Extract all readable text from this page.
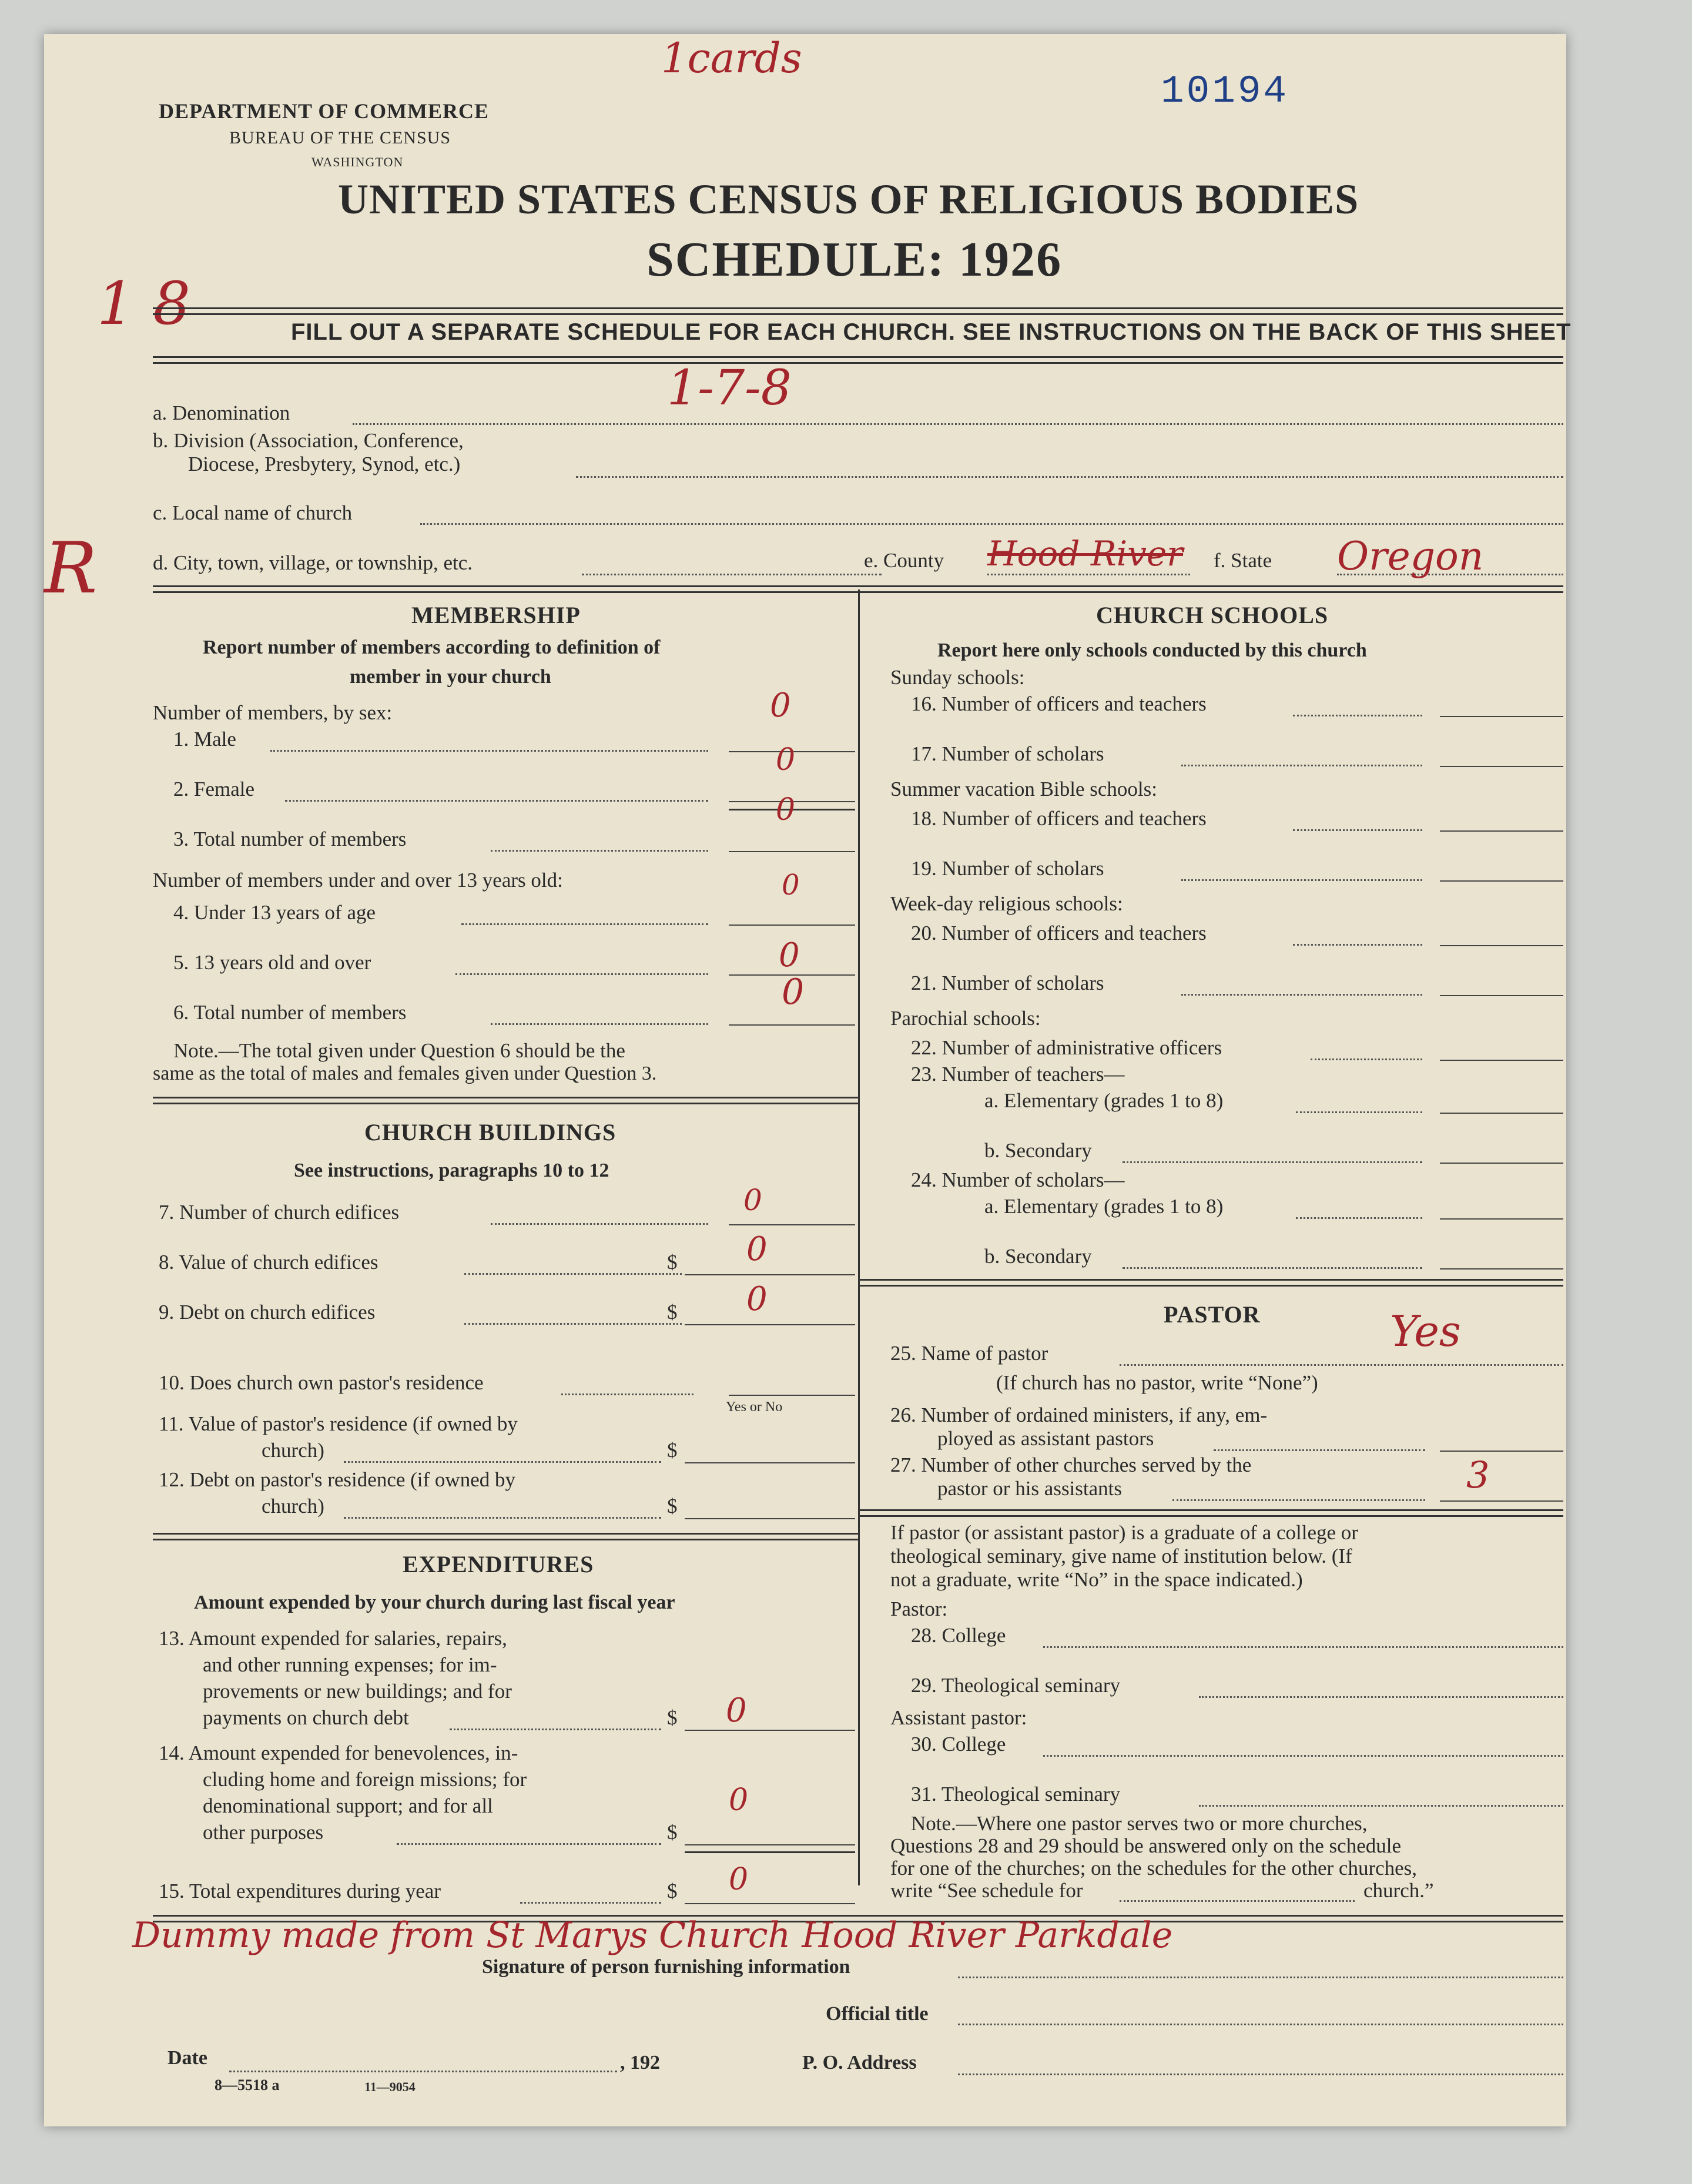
DEPARTMENT OF COMMERCE
BUREAU OF THE CENSUS
WASHINGTON
10194
1cards
UNITED STATES CENSUS OF RELIGIOUS BODIES
SCHEDULE: 1926
1 8	FILL OUT A SEPARATE SCHEDULE FOR EACH CHURCH. SEE INSTRUCTIONS ON THE BACK OF THIS SHEET
1-7-8
a. Denomination
b. Division (Association, Conference,
Diocese, Presbytery, Synod, etc.)
c. Local name of church
R	d. City, town, village, or township, etc.	e. County Hood River f. State Oregon
MEMBERSHIP
Report number of members according to definition of
member in your church
Number of members, by sex:
1. Male
0
2. Female
0
3. Total number of members
0
Number of members under and over 13 years old:
4. Under 13 years of age
0
5. 13 years old and over	0
6. Total number of members	0
Note.—The total given under Question 6 should be the
same as the total of males and females given under Question 3.
CHURCH BUILDINGS
See instructions, paragraphs 10 to 12
7. Number of church edifices	0
8. Value of church edifices	$ 0
9. Debt on church edifices	$ 0
10. Does church own pastor's residence
Yes or No
11. Value of pastor's residence (if owned by
church)	$
12. Debt on pastor's residence (if owned by
church)	$
EXPENDITURES
Amount expended by your church during last fiscal year
13. Amount expended for salaries, repairs,
and other running expenses; for im-
provements or new buildings; and for
payments on church debt	$ 0
14. Amount expended for benevolences, in-
cluding home and foreign missions; for
denominational support; and for all
other purposes	$
0
15. Total expenditures during year	$ 0
CHURCH SCHOOLS
Report here only schools conducted by this church
Sunday schools:
16. Number of officers and teachers
17. Number of scholars
Summer vacation Bible schools:
18. Number of officers and teachers
19. Number of scholars
Week-day religious schools:
20. Number of officers and teachers
21. Number of scholars
Parochial schools:
22. Number of administrative officers
23. Number of teachers—
a. Elementary (grades 1 to 8)
b. Secondary
24. Number of scholars—
a. Elementary (grades 1 to 8)
b. Secondary
PASTOR
25. Name of pastor	Yes
(If church has no pastor, write “None”)
26. Number of ordained ministers, if any, em-
ployed as assistant pastors
27. Number of other churches served by the
pastor or his assistants	3
If pastor (or assistant pastor) is a graduate of a college or
theological seminary, give name of institution below. (If
not a graduate, write “No” in the space indicated.)
Pastor:
28. College
29. Theological seminary
Assistant pastor:
30. College
31. Theological seminary
Note.—Where one pastor serves two or more churches,
Questions 28 and 29 should be answered only on the schedule
for one of the churches; on the schedules for the other churches,
write “See schedule for	church.”
Dummy made from St Marys Church Hood River Parkdale
Signature of person furnishing information
Official title
Date	, 192	P. O. Address
8—5518 a	11—9054
